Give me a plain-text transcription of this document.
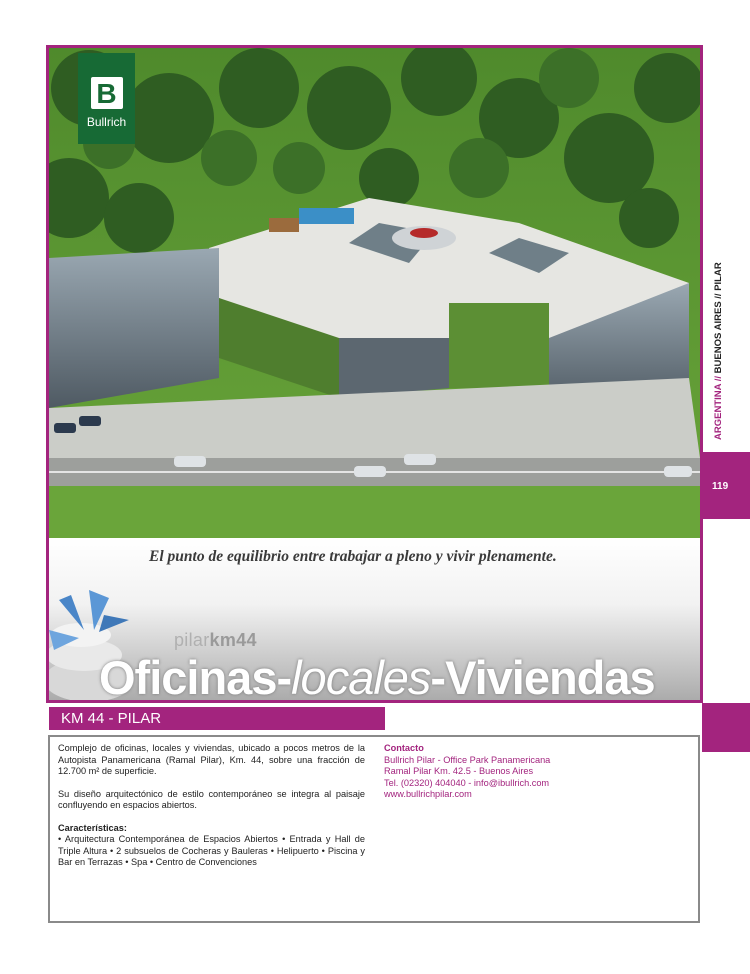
B
Bullrich
El punto de equilibrio entre trabajar a pleno y vivir plenamente.
pilarkm44
Oficinas-locales-Viviendas
KM 44 - PILAR

Complejo de oficinas, locales y viviendas, ubicado a pocos metros de la Autopista Panamericana (Ramal Pilar), Km. 44, sobre una fracción de 12.700 m² de superficie.

Su diseño arquitectónico de estilo contemporáneo se integra al paisaje confluyendo en espacios abiertos.

Características:

• Arquitectura Contemporánea de Espacios Abiertos • Entrada y Hall de Triple Altura • 2 subsuelos de Cocheras y Bauleras • Helipuerto • Piscina y Bar en Terrazas • Spa • Centro de Convenciones

Contacto
Bullrich Pilar - Office Park Panamericana
Ramal Pilar Km. 42.5 - Buenos Aires
Tel. (02320) 404040 - info@ibullrich.com
www.bullrichpilar.com
119
ARGENTINA // BUENOS AIRES // PILAR
